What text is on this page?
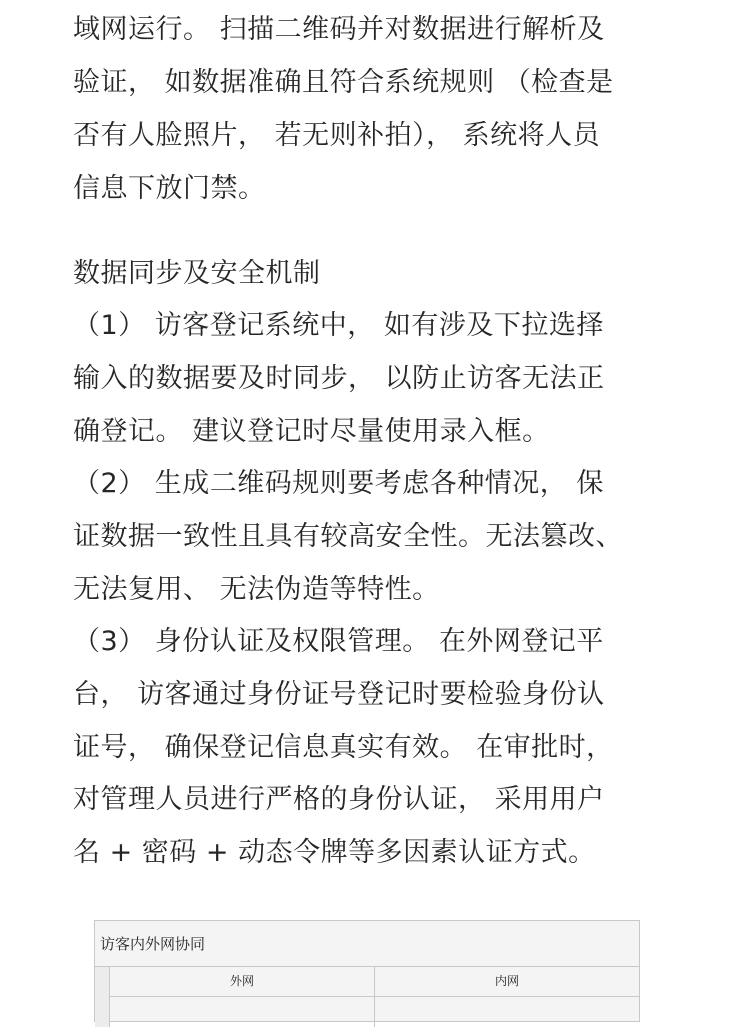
域网运行。 扫描二维码并对数据进行解析及
验证， 如数据准确且符合系统规则 （检查是
否有人脸照片， 若无则补拍）， 系统将人员
信息下放门禁。
数据同步及安全机制
（1） 访客登记系统中， 如有涉及下拉选择
输入的数据要及时同步， 以防止访客无法正
确登记。 建议登记时尽量使用录入框。
（2） 生成二维码规则要考虑各种情况， 保
证数据一致性且具有较高安全性。无法篡改、
无法复用、 无法伪造等特性。
（3） 身份认证及权限管理。 在外网登记平
台， 访客通过身份证号登记时要检验身份认
证号， 确保登记信息真实有效。 在审批时，
对管理人员进行严格的身份认证， 采用用户
名 + 密码 + 动态令牌等多因素认证方式。
访客内外网协同
外网	内网
